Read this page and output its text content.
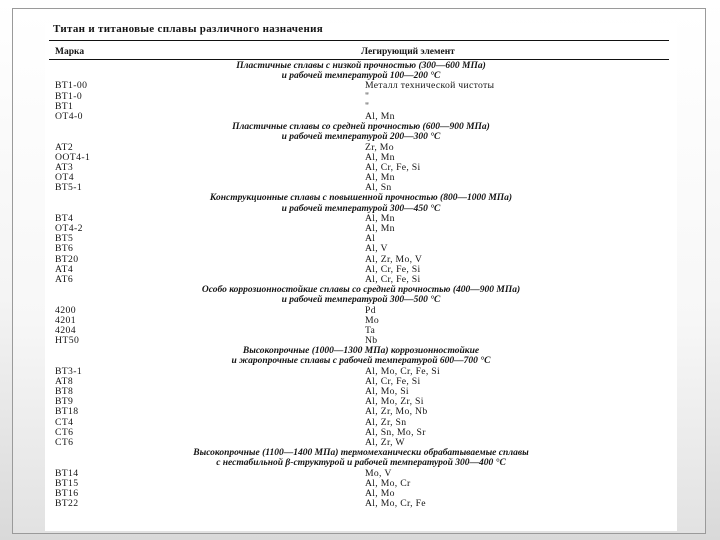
Титан и титановые сплавы различного назначения
Марка	Легирующий элемент
Пластичные сплавы с низкой прочностью (300—600 МПа)
и рабочей температурой 100—200 °С
ВТ1-00	Металл технической чистоты
ВТ1-0	"
ВТ1	"
ОТ4-0	Al, Mn
Пластичные сплавы со средней прочностью (600—900 МПа)
и рабочей температурой 200—300 °С
АТ2	Zr, Mo
ООТ4-1	Al, Mn
АТ3	Al, Cr, Fe, Si
ОТ4	Al, Mn
ВТ5-1	Al, Sn
Конструкционные сплавы с повышенной прочностью (800—1000 МПа)
и рабочей температурой 300—450 °С
ВТ4	Al, Mn
ОТ4-2	Al, Mn
ВТ5	Al
ВТ6	Al, V
ВТ20	Al, Zr, Mo, V
АТ4	Al, Cr, Fe, Si
АТ6	Al, Cr, Fe, Si
Особо коррозионностойкие сплавы со средней прочностью (400—900 МПа)
и рабочей температурой 300—500 °С
4200	Pd
4201	Mo
4204	Ta
НТ50	Nb
Высокопрочные (1000—1300 МПа) коррозионностойкие
и жаропрочные сплавы с рабочей температурой 600—700 °С
ВТ3-1	Al, Mo, Cr, Fe, Si
АТ8	Al, Cr, Fe, Si
ВТ8	Al, Mo, Si
ВТ9	Al, Mo, Zr, Si
ВТ18	Al, Zr, Mo, Nb
СТ4	Al, Zr, Sn
СТ6	Al, Sn, Mo, Sr
СТ6	Al, Zr, W
Высокопрочные (1100—1400 МПа) термомеханически обрабатываемые сплавы
с нестабильной β-структурой и рабочей температурой 300—400 °С
ВТ14	Mo, V
ВТ15	Al, Mo, Cr
ВТ16	Al, Mo
ВТ22	Al, Mo, Cr, Fe
